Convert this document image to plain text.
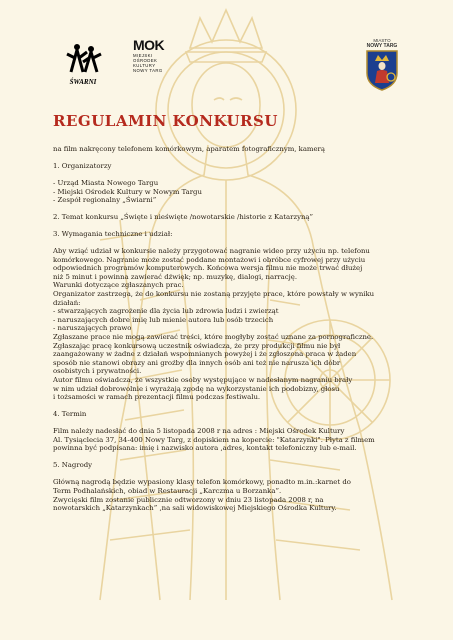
ŚWARNI
MOK
MIEJSKI
OŚRODEK
KULTURY
NOWY TARG
MIASTO
NOWY TARG
REGULAMIN KONKURSU

na film nakręcony telefonem komórkowym, aparatem fotograficznym, kamerą

1. Organizatorzy

- Urząd Miasta Nowego Targu

- Miejski Ośrodek Kultury w Nowym Targu

- Zespół regionalny „Świarni”

2. Temat konkursu „Święte i nieświęte /nowotarskie /historie z Katarzyną”

3. Wymagania techniczne i udział:

Aby wziąć udział w konkursie należy przygotować nagranie wideo przy użyciu np. telefonu

komórkowego. Nagranie może zostać poddane montażowi i obróbce cyfrowej przy użyciu

odpowiednich programów komputerowych. Końcowa wersja filmu nie może trwać dłużej

niż 5 minut i powinna zawierać dźwięk; np. muzykę, dialogi, narrację.

Warunki dotyczące zgłaszanych prac.

Organizator zastrzega, że do konkursu nie zostaną przyjęte prace, które powstały w wyniku

działań:

- stwarzających zagrożenie dla życia lub zdrowia ludzi i zwierząt

- naruszających dobre imię lub mienie autora lub osób trzecich

- naruszających prawo

Zgłaszane prace nie mogą zawierać treści, które mogłyby zostać uznane za pornograficzne.

Zgłaszając pracę konkursową uczestnik oświadcza, że przy produkcji filmu nie był

zaangażowany w żadne z działań wspomnianych powyżej i że zgłoszona praca w żaden

sposób nie stanowi obrazy ani groźby dla innych osób ani też nie narusza ich dóbr

osobistych i prywatności.

Autor filmu oświadcza, że wszystkie osoby występujące w nadesłanym nagraniu brały

w nim udział dobrowolnie i wyrażają zgodę na wykorzystanie ich podobizny, głosu

i tożsamości w ramach prezentacji filmu podczas festiwalu.

4. Termin

Film należy nadesłać do dnia 5 listopada 2008 r na adres : Miejski Ośrodek Kultury

Al. Tysiąclecia 37, 34-400 Nowy Targ, z dopiskiem na kopercie: "Katarzynki". Płyta z filmem

powinna być podpisana: imię i nazwisko autora ,adres, kontakt telefoniczny lub e-mail.

5. Nagrody

Główną nagrodą będzie wypasiony klasy telefon komórkowy, ponadto m.in.:karnet do

Term Podhalańskich, obiad w Restauracji „Karczma u Borzanka”.

Zwycięski film zostanie publicznie odtworzony w dniu 23 listopada 2008 r, na

nowotarskich „Katarzynkach” ,na sali widowiskowej Miejskiego Ośrodka Kultury.
